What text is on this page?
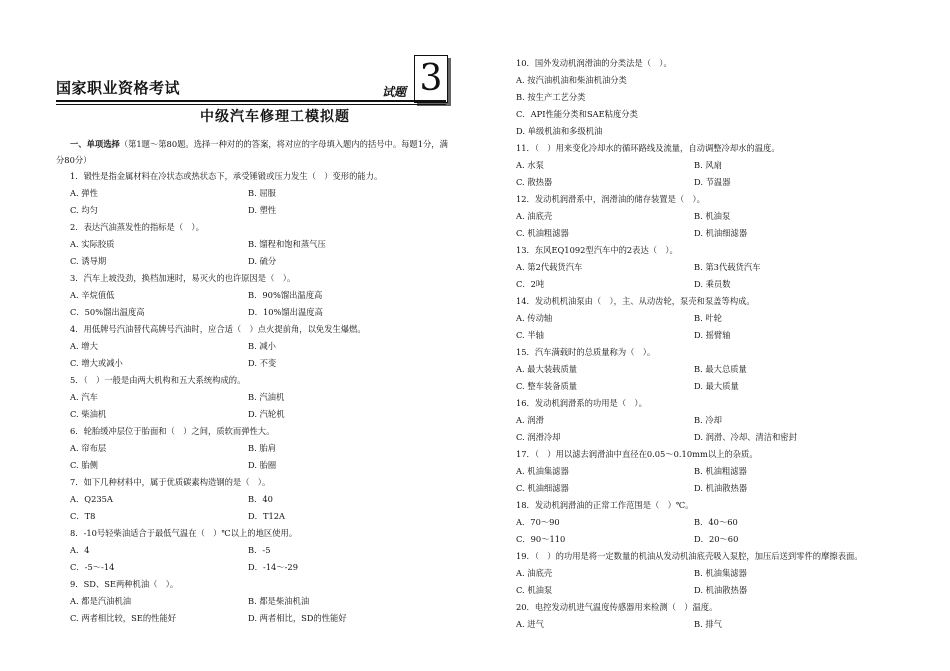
国家职业资格考试	试题 3
中级汽车修理工模拟题

一、单项选择（第1题～第80题。选择一种对的的答案，将对应的字母填入题内的括号中。每题1分，满分80分）

1．锻性是指金属材料在冷状态或热状态下，承受锤锻或压力发生（　）变形的能力。

A. 弹性	B. 屈服
C. 均匀	D. 塑性

2．表达汽油蒸发性的指标是（　）。

A. 实际胶质	B. 馏程和饱和蒸气压
C. 诱导期	D. 硫分

3．汽车上坡没劲，换档加速时，易灭火的也许原因是（　）。

A. 辛烷值低	B．90%馏出温度高
C．50%馏出温度高	D．10%馏出温度高

4．用低牌号汽油替代高牌号汽油时，应合适（　）点火提前角，以免发生爆燃。

A. 增大	B. 减小
C. 增大或减小	D. 不变

5．（　）一般是由两大机构和五大系统构成的。

A. 汽车	B. 汽油机
C. 柴油机	D. 汽轮机

6．轮胎缓冲层位于胎面和（　）之间，质软而弹性大。

A. 帘布层	B. 胎肩
C. 胎侧	D. 胎圈

7．如下几种材料中，属于优质碳素构造钢的是（　）。

A．Q235A	B．40
C．T8	D．T12A

8．-10号轻柴油适合于最低气温在（　）℃以上的地区使用。

A．4	B．-5
C．-5～-14	D．-14～-29

9．SD、SE两种机油（　）。

A. 都是汽油机油	B. 都是柴油机油
C. 两者相比较，SE的性能好	D. 两者相比，SD的性能好

10．国外发动机润滑油的分类法是（　）。

A. 按汽油机油和柴油机油分类

B. 按生产工艺分类

C．API性能分类和SAE粘度分类

D. 单级机油和多级机油

11．（　）用来变化冷却水的循环路线及流量，自动调整冷却水的温度。

A. 水泵	B. 风扇
C. 散热器	D. 节温器

12．发动机润滑系中，润滑油的储存装置是（　）。

A. 油底壳	B. 机油泵
C. 机油粗滤器	D. 机油细滤器

13．东风EQ1092型汽车中的2表达（　）。

A. 第2代载货汽车	B. 第3代载货汽车
C．2吨	D. 乘员数

14．发动机机油泵由（　），主、从动齿轮，泵壳和泵盖等构成。

A. 传动轴	B. 叶轮
C. 半轴	D. 摇臂轴

15．汽车满载时的总质量称为（　）。

A. 最大装载质量	B. 最大总质量
C. 整车装备质量	D. 最大质量

16．发动机润滑系的功用是（　）。

A. 润滑	B. 冷却
C. 润滑冷却	D. 润滑、冷却、清洁和密封

17．（　）用以滤去润滑油中直径在0.05～0.10mm以上的杂质。

A. 机油集滤器	B. 机油粗滤器
C. 机油细滤器	D. 机油散热器

18．发动机润滑油的正常工作范围是（　）℃。

A．70～90	B．40～60
C．90～110	D．20～60

19．（　）的功用是将一定数量的机油从发动机油底壳吸入泵腔，加压后送到零件的摩擦表面。

A. 油底壳	B. 机油集滤器
C. 机油泵	D. 机油散热器

20．电控发动机进气温度传感器用来检测（　）温度。

A. 进气	B. 排气
